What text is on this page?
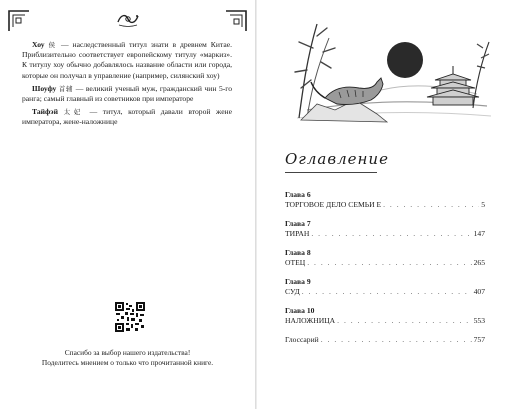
Хоу 侯 — наследственный титул знати в древнем Китае. Приблизительно соответствует европейскому титулу «маркиз». К титулу хоу обычно добавлялось название области или города, которые он получал в управление (например, силянский хоу)

Шоуфу 首辅 — великий ученый муж, гражданский чин 5-го ранга; самый главный из советников при императоре

Тайфэй 太妃 — титул, который давали второй жене императора, жене-наложнице

Спасибо за выбор нашего издательства!
Поделитесь мнением о только что прочитанной книге.
Оглавление
Глава 6
ТОРГОВОЕ ДЕЛО СЕМЬИ Е . . .	5
Глава 7
ТИРАН . . .	147
Глава 8
ОТЕЦ . . .	265
Глава 9
СУД . . .	407
Глава 10
НАЛОЖНИЦА . . .	553
Глоссарий . . .	757
